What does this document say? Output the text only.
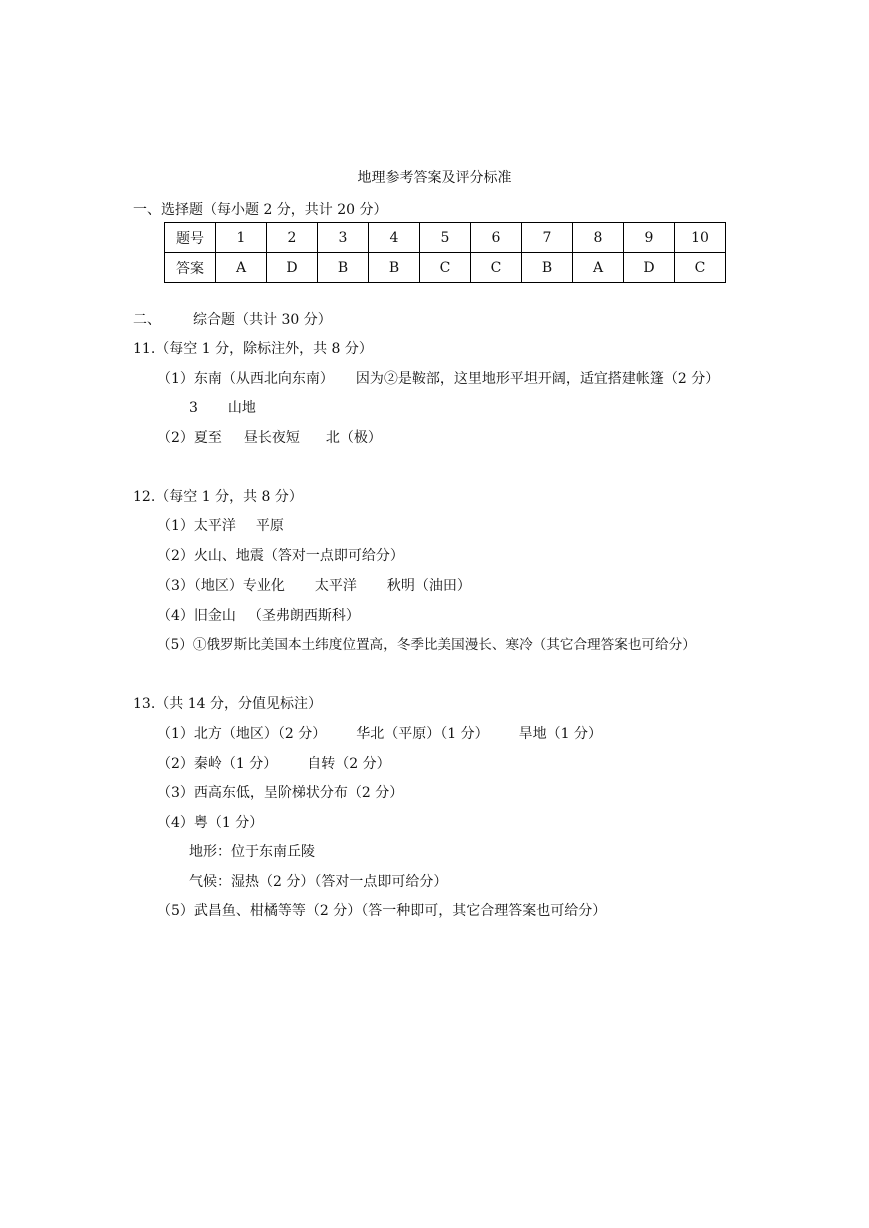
地理参考答案及评分标准
一、选择题（每小题 2 分，共计 20 分）
题号	1	2	3	4	5	6	7	8	9	10
答案	A	D	B	B	C	C	B	A	D	C
二、 综合题（共计 30 分）
11.（每空 1 分，除标注外，共 8 分）
（1）东南（从西北向东南） 因为②是鞍部，这里地形平坦开阔，适宜搭建帐篷（2 分）
3 山地
（2）夏至 昼长夜短 北（极）
12.（每空 1 分，共 8 分）
（1）太平洋 平原
（2）火山、地震（答对一点即可给分）
（3）（地区）专业化 太平洋 秋明（油田）
（4）旧金山 （圣弗朗西斯科）
（5）①俄罗斯比美国本土纬度位置高，冬季比美国漫长、寒冷（其它合理答案也可给分）
13.（共 14 分，分值见标注）
（1）北方（地区）（2 分） 华北（平原）（1 分） 旱地（1 分）
（2）秦岭（1 分） 自转（2 分）
（3）西高东低，呈阶梯状分布（2 分）
（4）粤（1 分）
地形：位于东南丘陵
气候：湿热（2 分）（答对一点即可给分）
（5）武昌鱼、柑橘等等（2 分）（答一种即可，其它合理答案也可给分）
